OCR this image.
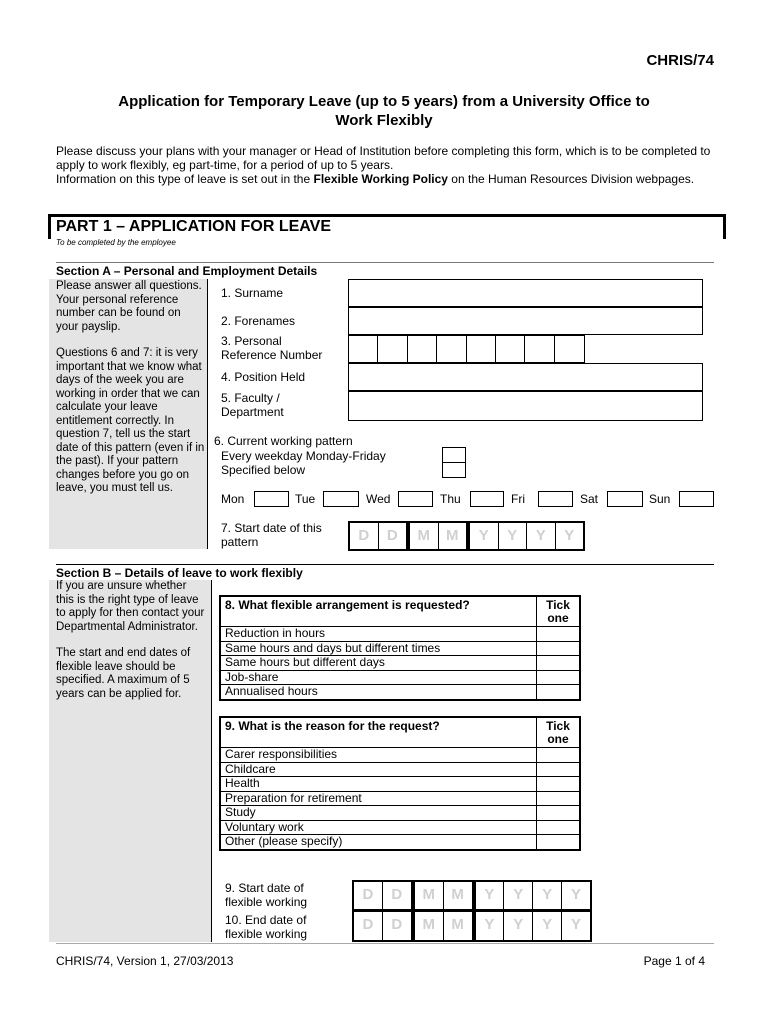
CHRIS/74
Application for Temporary Leave (up to 5 years) from a University Office to
Work Flexibly
Please discuss your plans with your manager or Head of Institution before completing this form, which is to be completed to apply to work flexibly, eg part-time, for a period of up to 5 years.
Information on this type of leave is set out in the Flexible Working Policy on the Human Resources Division webpages.
PART 1 – APPLICATION FOR LEAVE
To be completed by the employee
Section A – Personal and Employment Details
Please answer all questions. Your personal reference number can be found on your payslip.
Questions 6 and 7: it is very important that we know what days of the week you are working in order that we can calculate your leave entitlement correctly. In question 7, tell us the start date of this pattern (even if in the past). If your pattern changes before you go on leave, you must tell us.
1. Surname
2. Forenames
3. Personal
Reference Number
4. Position Held
5. Faculty /
Department
6. Current working pattern
Every weekday Monday-Friday
Specified below
Mon	Tue	Wed	Thu	Fri	Sat	Sun
7. Start date of this
pattern	D	D	M	M	Y	Y	Y	Y
Section B – Details of leave to work flexibly
If you are unsure whether this is the right type of leave to apply for then contact your Departmental Administrator.
The start and end dates of flexible leave should be specified. A maximum of 5 years can be applied for.
8. What flexible arrangement is requested?	Tick one
Reduction in hours	
Same hours and days but different times	
Same hours but different days	
Job-share	
Annualised hours	
9. What is the reason for the request?	Tick one
Carer responsibilities	
Childcare	
Health	
Preparation for retirement	
Study	
Voluntary work	
Other (please specify)	
9. Start date of
flexible working	D	D	M	M	Y	Y	Y	Y
10. End date of
flexible working
D	D	M	M	Y	Y	Y	Y
CHRIS/74, Version 1, 27/03/2013	Page 1 of 4
